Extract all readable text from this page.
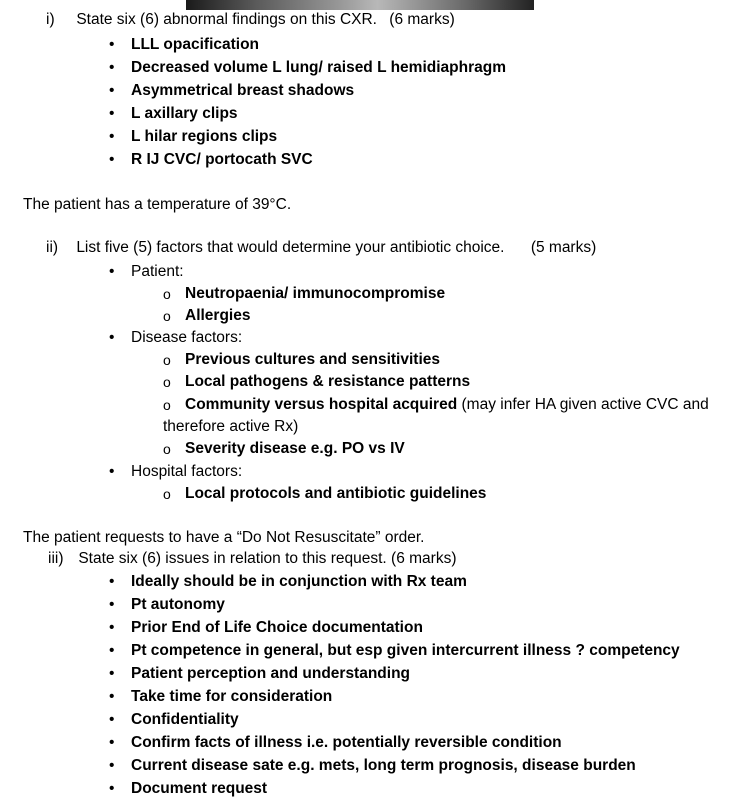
i) State six (6) abnormal findings on this CXR. (6 marks)
• LLL opacification
• Decreased volume L lung/ raised L hemidiaphragm
• Asymmetrical breast shadows
• L axillary clips
• L hilar regions clips
• R IJ CVC/ portocath SVC
The patient has a temperature of 39°C.
ii) List five (5) factors that would determine your antibiotic choice. (5 marks)
• Patient:
o Neutropaenia/ immunocompromise
o Allergies
• Disease factors:
o Previous cultures and sensitivities
o Local pathogens & resistance patterns
o Community versus hospital acquired (may infer HA given active CVC and
therefore active Rx)
o Severity disease e.g. PO vs IV
• Hospital factors:
o Local protocols and antibiotic guidelines
The patient requests to have a “Do Not Resuscitate” order.
iii) State six (6) issues in relation to this request. (6 marks)
• Ideally should be in conjunction with Rx team
• Pt autonomy
• Prior End of Life Choice documentation
• Pt competence in general, but esp given intercurrent illness ? competency
• Patient perception and understanding
• Take time for consideration
• Confidentiality
• Confirm facts of illness i.e. potentially reversible condition
• Current disease sate e.g. mets, long term prognosis, disease burden
• Document request
